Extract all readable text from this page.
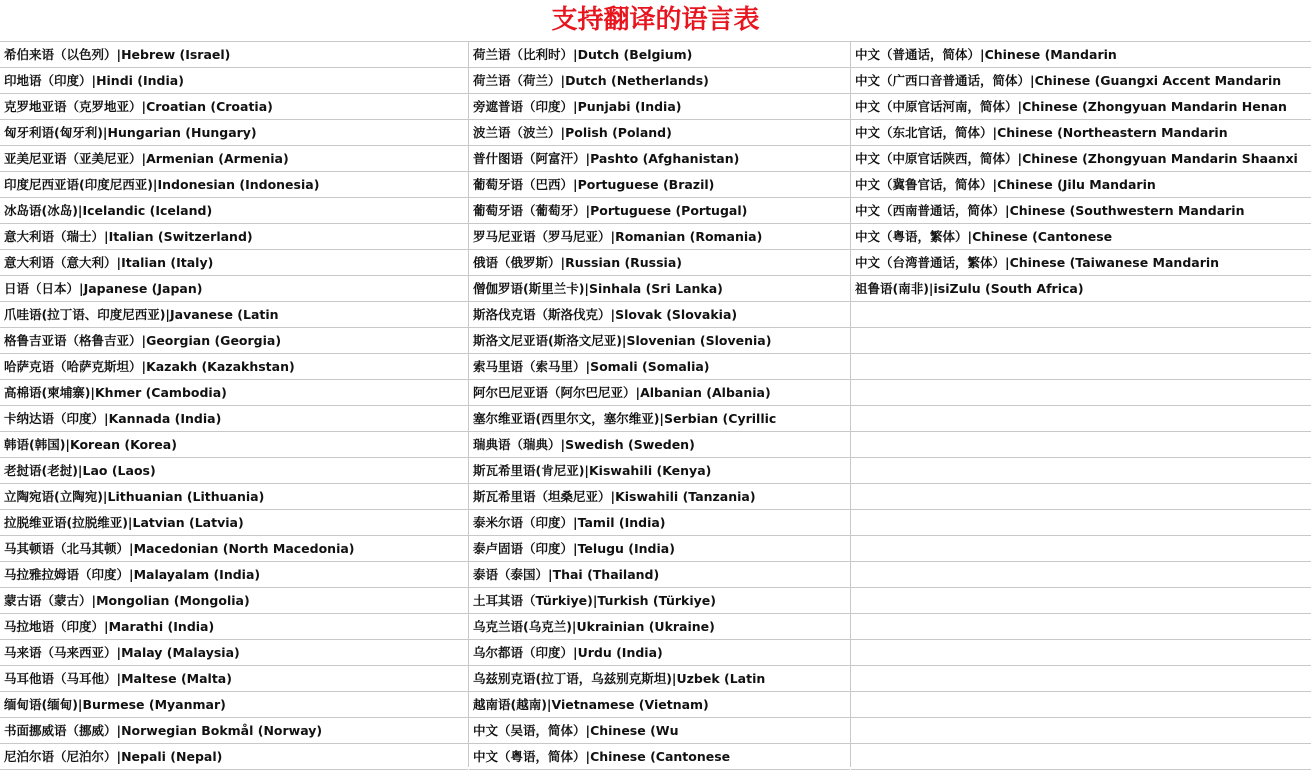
支持翻译的语言表
希伯来语（以色列）|Hebrew (Israel)
印地语（印度）|Hindi (India)
克罗地亚语（克罗地亚）|Croatian (Croatia)
匈牙利语(匈牙利)|Hungarian (Hungary)
亚美尼亚语（亚美尼亚）|Armenian (Armenia)
印度尼西亚语(印度尼西亚)|Indonesian (Indonesia)
冰岛语(冰岛)|Icelandic (Iceland)
意大利语（瑞士）|Italian (Switzerland)
意大利语（意大利）|Italian (Italy)
日语（日本）|Japanese (Japan)
爪哇语(拉丁语、印度尼西亚)|Javanese (Latin
格鲁吉亚语（格鲁吉亚）|Georgian (Georgia)
哈萨克语（哈萨克斯坦）|Kazakh (Kazakhstan)
高棉语(柬埔寨)|Khmer (Cambodia)
卡纳达语（印度）|Kannada (India)
韩语(韩国)|Korean (Korea)
老挝语(老挝)|Lao (Laos)
立陶宛语(立陶宛)|Lithuanian (Lithuania)
拉脱维亚语(拉脱维亚)|Latvian (Latvia)
马其顿语（北马其顿）|Macedonian (North Macedonia)
马拉雅拉姆语（印度）|Malayalam (India)
蒙古语（蒙古）|Mongolian (Mongolia)
马拉地语（印度）|Marathi (India)
马来语（马来西亚）|Malay (Malaysia)
马耳他语（马耳他）|Maltese (Malta)
缅甸语(缅甸)|Burmese (Myanmar)
书面挪威语（挪威）|Norwegian Bokmål (Norway)
尼泊尔语（尼泊尔）|Nepali (Nepal)
荷兰语（比利时）|Dutch (Belgium)
荷兰语（荷兰）|Dutch (Netherlands)
旁遮普语（印度）|Punjabi (India)
波兰语（波兰）|Polish (Poland)
普什图语（阿富汗）|Pashto (Afghanistan)
葡萄牙语（巴西）|Portuguese (Brazil)
葡萄牙语（葡萄牙）|Portuguese (Portugal)
罗马尼亚语（罗马尼亚）|Romanian (Romania)
俄语（俄罗斯）|Russian (Russia)
僧伽罗语(斯里兰卡)|Sinhala (Sri Lanka)
斯洛伐克语（斯洛伐克）|Slovak (Slovakia)
斯洛文尼亚语(斯洛文尼亚)|Slovenian (Slovenia)
索马里语（索马里）|Somali (Somalia)
阿尔巴尼亚语（阿尔巴尼亚）|Albanian (Albania)
塞尔维亚语(西里尔文，塞尔维亚)|Serbian (Cyrillic
瑞典语（瑞典）|Swedish (Sweden)
斯瓦希里语(肯尼亚)|Kiswahili (Kenya)
斯瓦希里语（坦桑尼亚）|Kiswahili (Tanzania)
泰米尔语（印度）|Tamil (India)
泰卢固语（印度）|Telugu (India)
泰语（泰国）|Thai (Thailand)
土耳其语（Türkiye)|Turkish (Türkiye)
乌克兰语(乌克兰)|Ukrainian (Ukraine)
乌尔都语（印度）|Urdu (India)
乌兹别克语(拉丁语，乌兹别克斯坦)|Uzbek (Latin
越南语(越南)|Vietnamese (Vietnam)
中文（吴语，简体）|Chinese (Wu
中文（粤语，简体）|Chinese (Cantonese
中文（普通话，简体）|Chinese (Mandarin
中文（广西口音普通话，简体）|Chinese (Guangxi Accent Mandarin
中文（中原官话河南，简体）|Chinese (Zhongyuan Mandarin Henan
中文（东北官话，简体）|Chinese (Northeastern Mandarin
中文（中原官话陕西，简体）|Chinese (Zhongyuan Mandarin Shaanxi
中文（冀鲁官话，简体）|Chinese (Jilu Mandarin
中文（西南普通话，简体）|Chinese (Southwestern Mandarin
中文（粤语，繁体）|Chinese (Cantonese
中文（台湾普通话，繁体）|Chinese (Taiwanese Mandarin
祖鲁语(南非)|isiZulu (South Africa)
